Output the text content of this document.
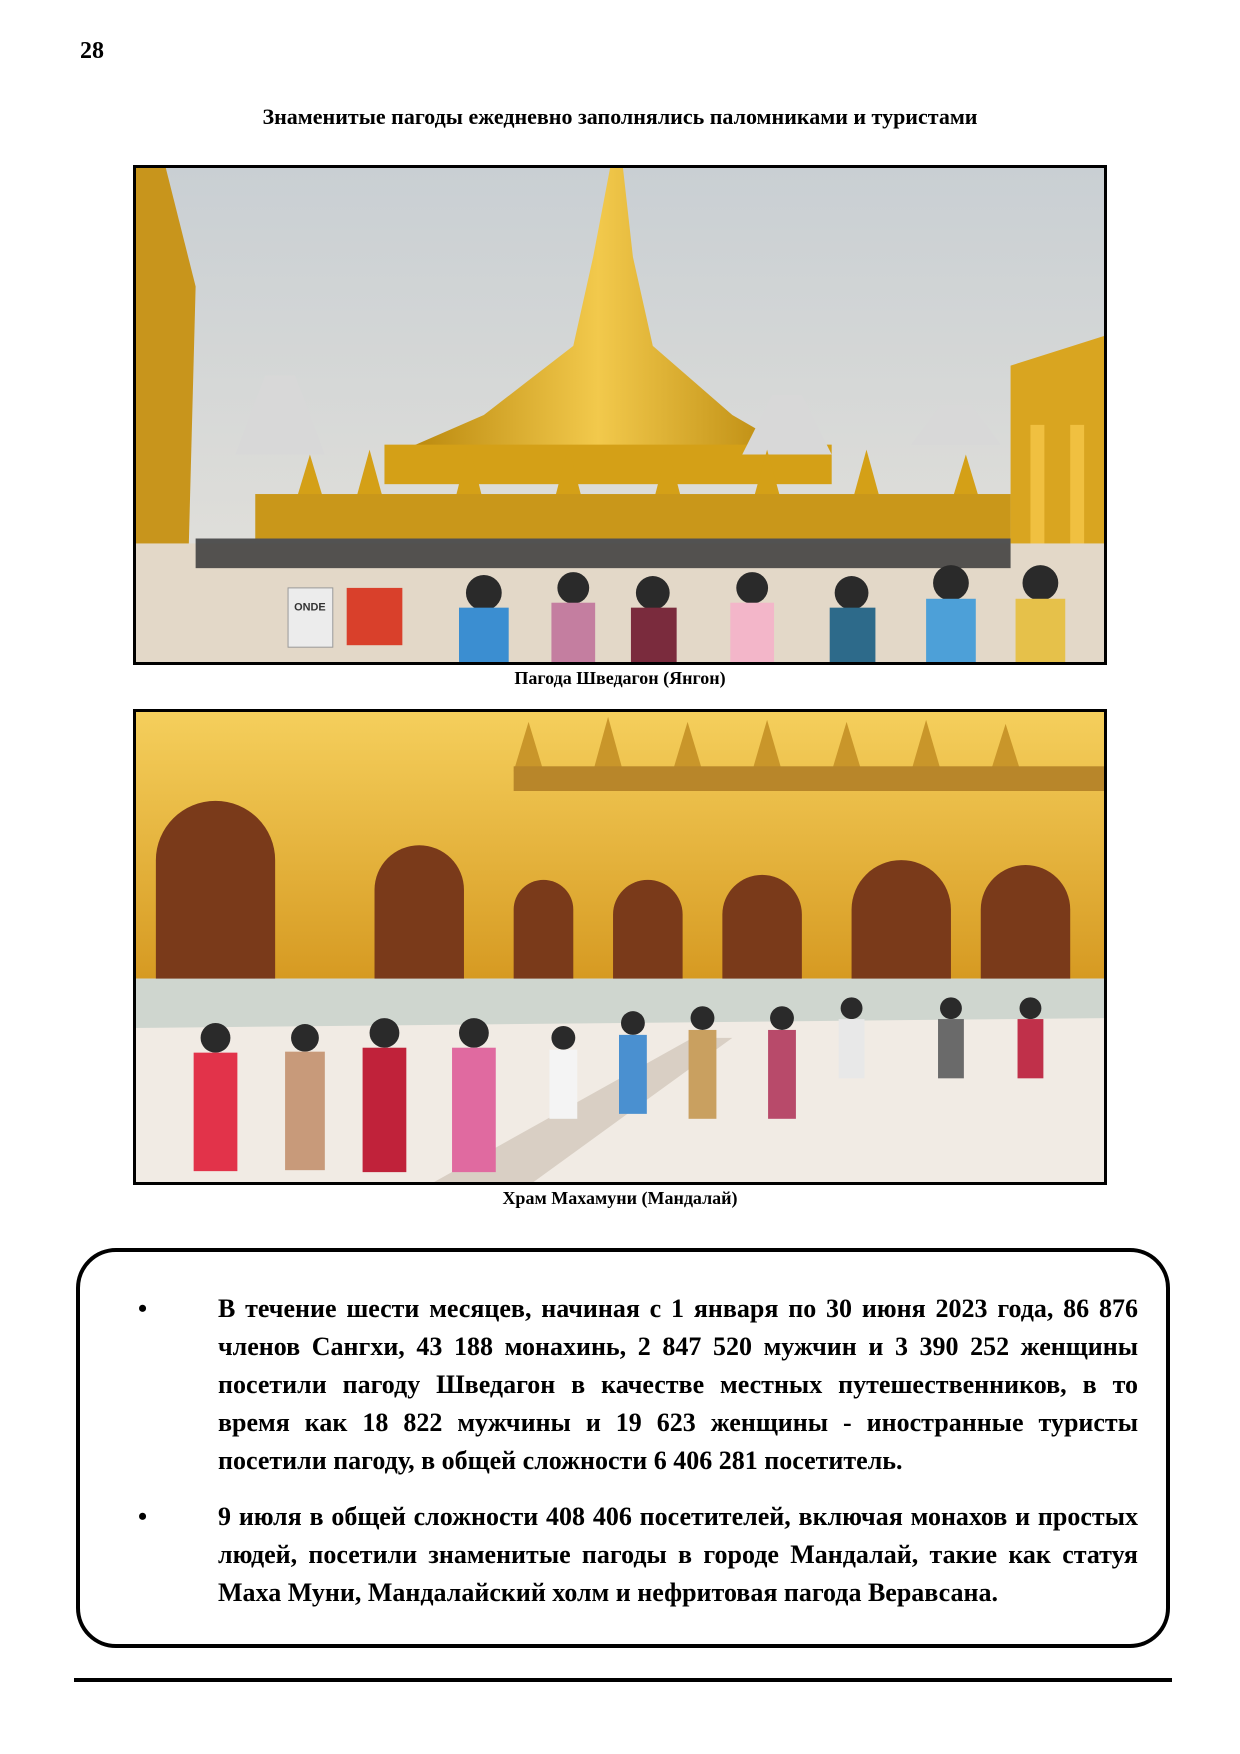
28
Знаменитые пагоды ежедневно заполнялись паломниками и туристами
ONDE
Пагода Шведагон (Янгон)
Храм Махамуни (Мандалай)
•	В течение шести месяцев, начиная с 1 января по 30 июня 2023 года, 86 876 членов Сангхи, 43 188 монахинь, 2 847 520 мужчин и 3 390 252 женщины посетили пагоду Шведагон в качестве местных путешественников, в то время как 18 822 мужчины и 19 623 женщины - иностранные туристы посетили пагоду, в общей сложности 6 406 281 посетитель.
•	9 июля в общей сложности 408 406 посетителей, включая монахов и простых людей, посетили знаменитые пагоды в городе Мандалай, такие как статуя Маха Муни, Мандалайский холм и нефритовая пагода Веравсана.
